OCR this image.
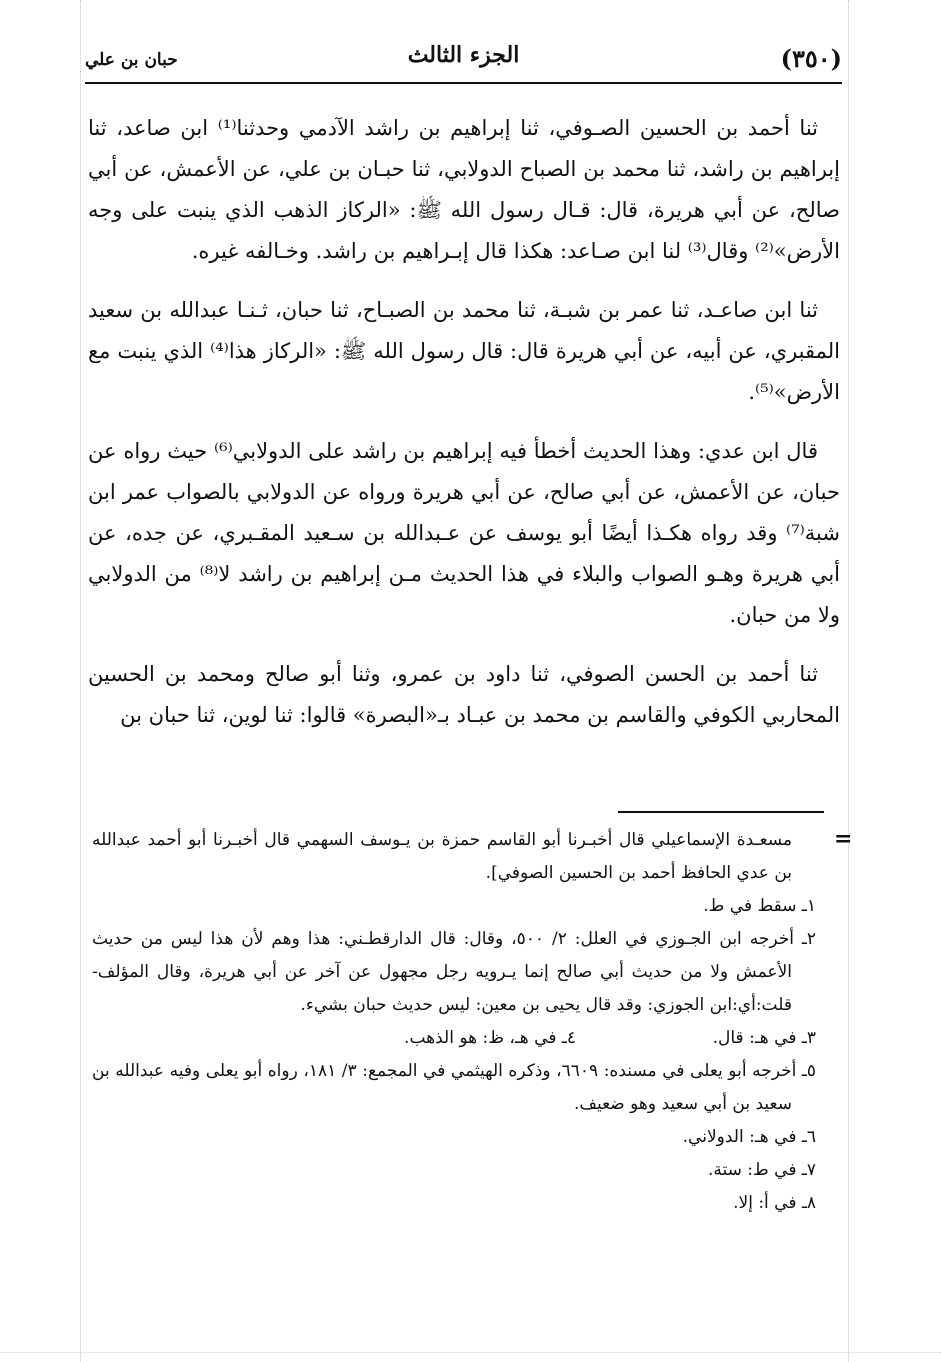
(٣٥٠)
الجزء الثالث
حبان بن علي

ثنا أحمد بن الحسين الصـوفي، ثنا إبراهيم بن راشد الآدمي وحدثنا⁽¹⁾ ابن صاعد، ثنا إبراهيم بن راشد، ثنا محمد بن الصباح الدولابي، ثنا حبـان بن علي، عن الأعمش، عن أبي صالح، عن أبي هريرة، قال: قـال رسول الله ﷺ: «الركاز الذهب الذي ينبت على وجه الأرض»⁽²⁾ وقال⁽³⁾ لنا ابن صـاعد: هكذا قال إبـراهيم بن راشد. وخـالفه غيره.

ثنا ابن صاعـد، ثنا عمر بن شبـة، ثنا محمد بن الصبـاح، ثنا حبان، ثـنـا عبدالله بن سعيد المقبري، عن أبيه، عن أبي هريرة قال: قال رسول الله ﷺ: «الركاز هذا⁽⁴⁾ الذي ينبت مع الأرض»⁽⁵⁾.

قال ابن عدي: وهذا الحديث أخطأ فيه إبراهيم بن راشد على الدولابي⁽⁶⁾ حيث رواه عن حبان، عن الأعمش، عن أبي صالح، عن أبي هريرة ورواه عن الدولابي بالصواب عمر ابن شبة⁽⁷⁾ وقد رواه هكـذا أيضًا أبو يوسف عن عـبدالله بن سـعيد المقـبري، عن جده، عن أبي هريرة وهـو الصواب والبلاء في هذا الحديث مـن إبراهيم بن راشد لا⁽⁸⁾ من الدولابي ولا من حبان.

ثنا أحمد بن الحسن الصوفي، ثنا داود بن عمرو، وثنا أبو صالح ومحمد بن الحسين المحاربي الكوفي والقاسم بن محمد بن عبـاد بـ«البصرة» قالوا: ثنا لوين، ثنا حبان بن

=

مسعـدة الإسماعيلي قال أخبـرنا أبو القاسم حمزة بن يـوسف السهمي قال أخبـرنا أبو أحمد عبدالله بن عدي الحافظ أحمد بن الحسين الصوفي].

١ـ سقط في ط.

٢ـ أخرجه ابن الجـوزي في العلل: ٢/ ٥٠٠، وقال: قال الدارقطـني: هذا وهم لأن هذا ليس من حديث الأعمش ولا من حديث أبي صالح إنما يـرويه رجل مجهول عن آخر عن أبي هريرة، وقال المؤلف-قلت:أي:ابن الجوزي: وقد قال يحيى بن معين: ليس حديث حبان بشيء.

٣ـ في هـ: قال.
٤ـ في هـ، ظ: هو الذهب.

٥ـ أخرجه أبو يعلى في مسنده: ٦٦٠٩، وذكره الهيثمي في المجمع: ٣/ ١٨١، رواه أبو يعلى وفيه عبدالله بن سعيد بن أبي سعيد وهو ضعيف.

٦ـ في هـ: الدولاني.

٧ـ في ط: ستة.

٨ـ في أ: إلا.
